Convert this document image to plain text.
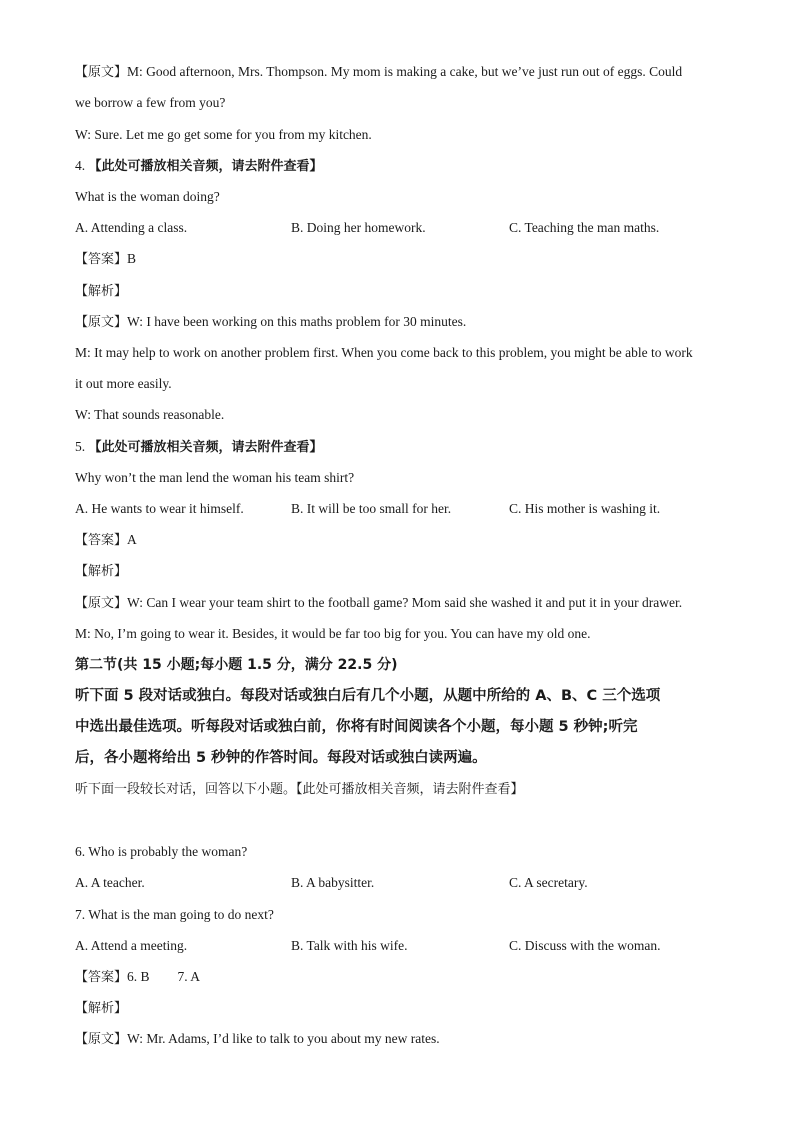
【原文】M: Good afternoon, Mrs. Thompson. My mom is making a cake, but we’ve just run out of eggs. Could
we borrow a few from you?
W: Sure. Let me go get some for you from my kitchen.
4. 【此处可播放相关音频，请去附件查看】
What is the woman doing?
A. Attending a class.	B. Doing her homework.	C. Teaching the man maths.
【答案】B
【解析】
【原文】W: I have been working on this maths problem for 30 minutes.
M: It may help to work on another problem first. When you come back to this problem, you might be able to work
it out more easily.
W: That sounds reasonable.
5. 【此处可播放相关音频，请去附件查看】
Why won’t the man lend the woman his team shirt?
A. He wants to wear it himself.	B. It will be too small for her.	C. His mother is washing it.
【答案】A
【解析】
【原文】W: Can I wear your team shirt to the football game? Mom said she washed it and put it in your drawer.
M: No, I’m going to wear it. Besides, it would be far too big for you. You can have my old one.
第二节(共 15 小题;每小题 1.5 分，满分 22.5 分)
听下面 5 段对话或独白。每段对话或独白后有几个小题，从题中所给的 A、B、C 三个选项
中选出最佳选项。听每段对话或独白前，你将有时间阅读各个小题，每小题 5 秒钟;听完
后，各小题将给出 5 秒钟的作答时间。每段对话或独白读两遍。
听下面一段较长对话，回答以下小题。【此处可播放相关音频，请去附件查看】
6. Who is probably the woman?
A. A teacher.	B. A babysitter.	C. A secretary.
7. What is the man going to do next?
A. Attend a meeting.	B. Talk with his wife.	C. Discuss with the woman.
【答案】6. B 7. A
【解析】
【原文】W: Mr. Adams, I’d like to talk to you about my new rates.
